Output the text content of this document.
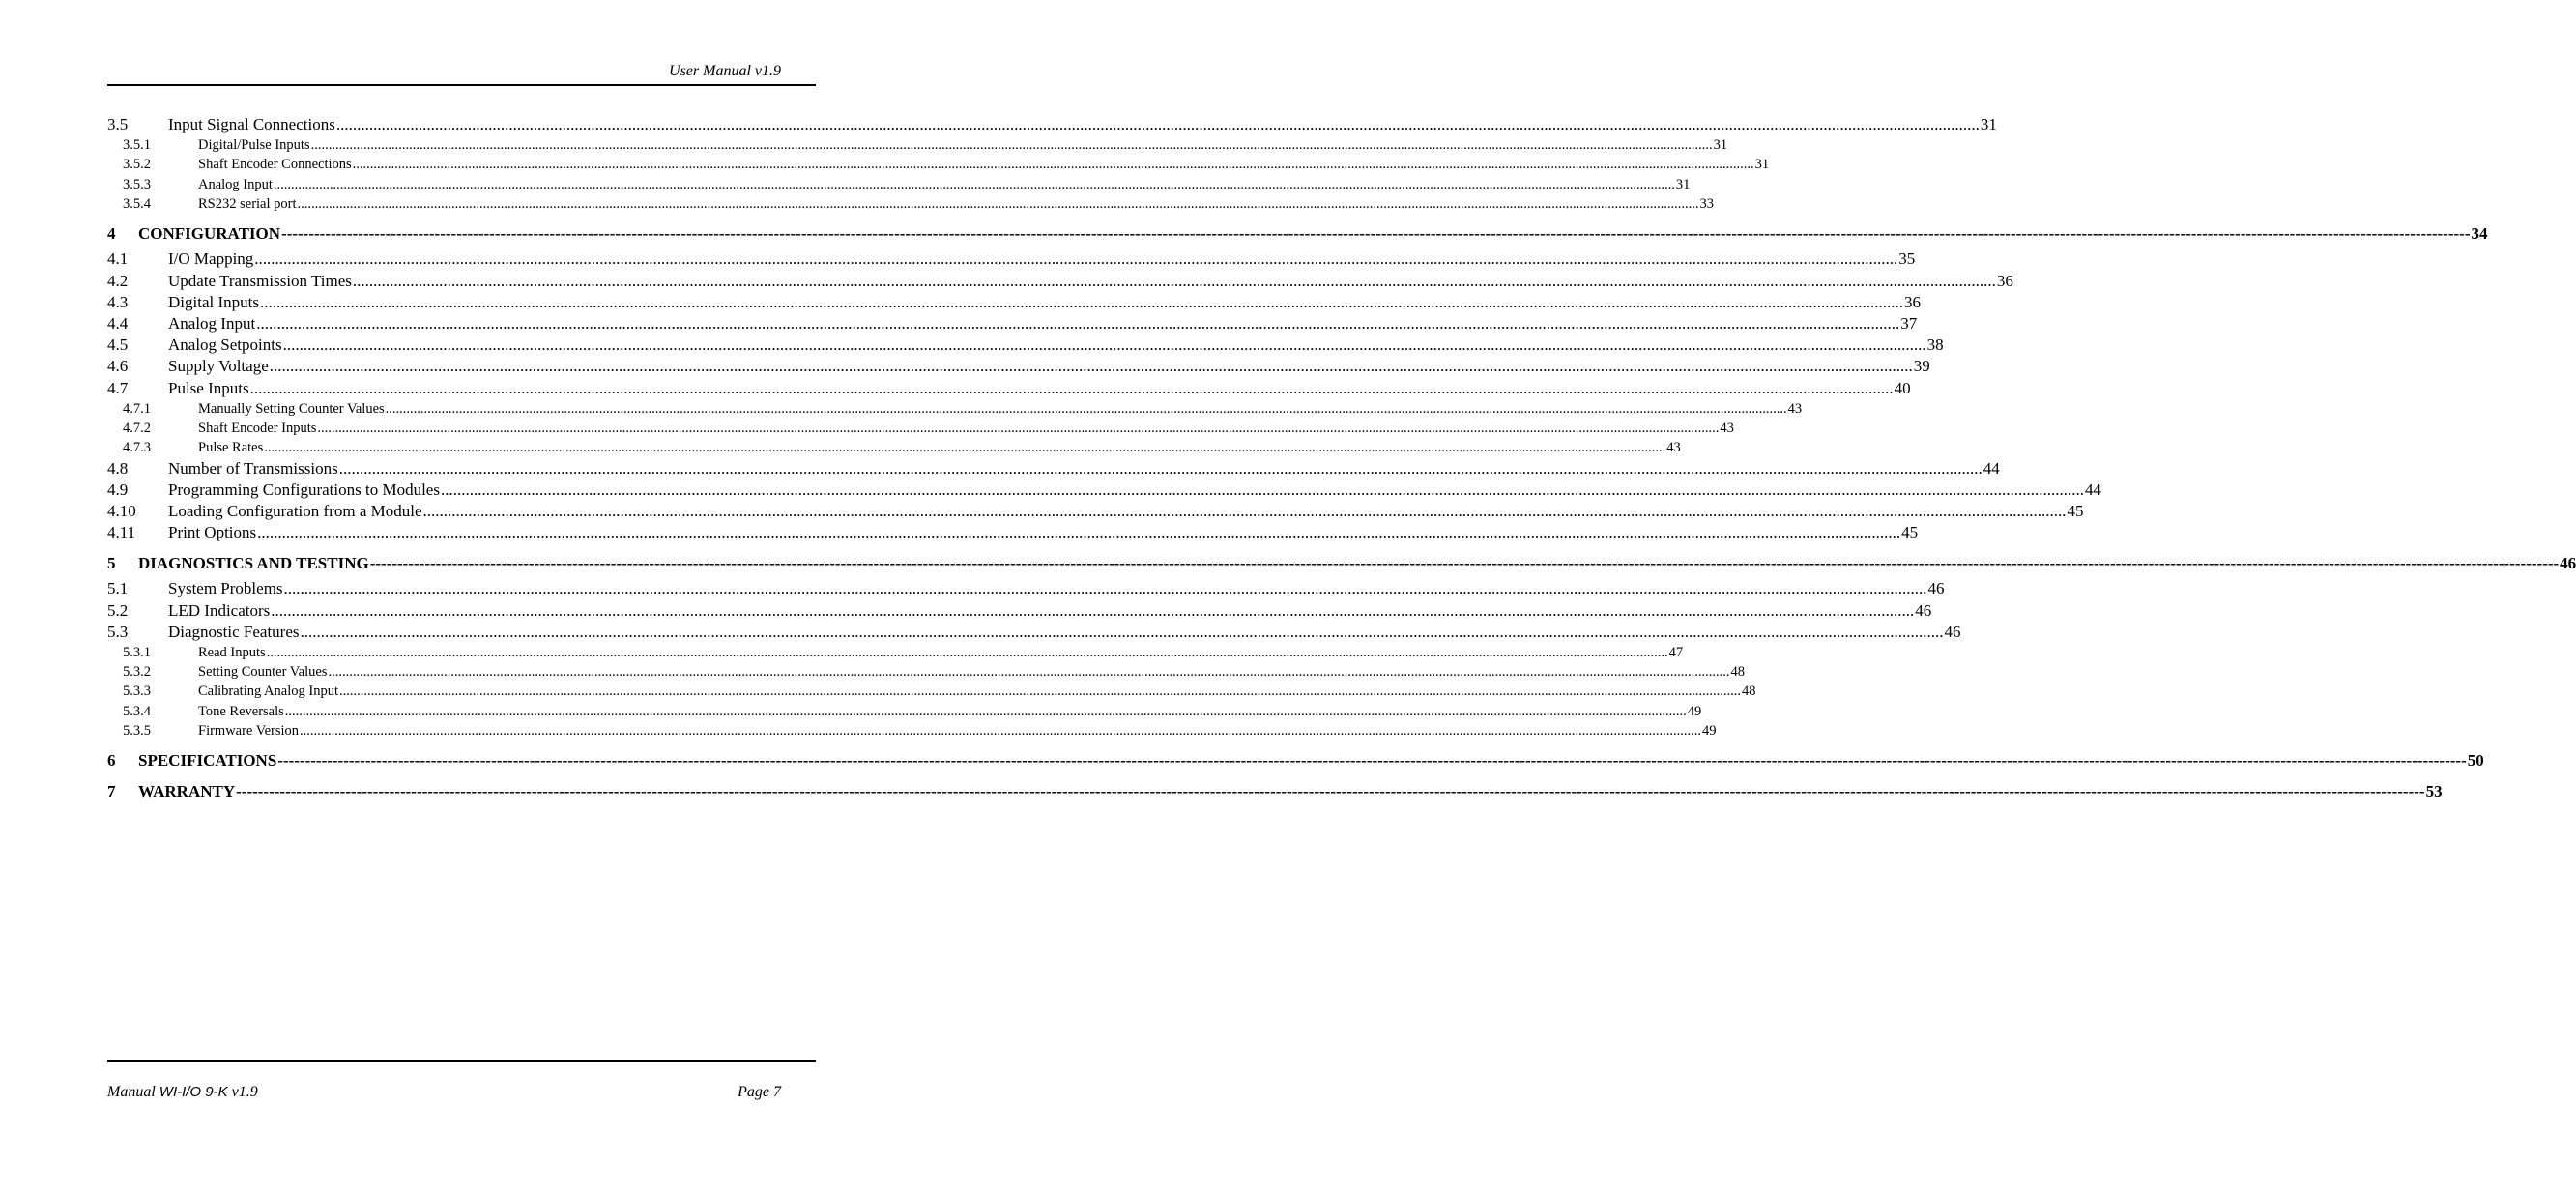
User Manual v1.9
3.5	Input Signal Connections ................................................................................................................................................................................................................................................................................................................................................................................................................ 31
3.5.1	Digital/Pulse Inputs ................................................................................................................................................................................................................................................................................................................................................................................................................ 31
3.5.2	Shaft Encoder Connections ................................................................................................................................................................................................................................................................................................................................................................................................................ 31
3.5.3	Analog Input ................................................................................................................................................................................................................................................................................................................................................................................................................ 31
3.5.4	RS232 serial port ................................................................................................................................................................................................................................................................................................................................................................................................................ 33
4	CONFIGURATION ---------------------------------------------------------------------------------------------------------------------------------------------------------------------------------------------------------------------------------------------------------------------------------------------------------------------------------------------------------------------------------------------------------------- 34
4.1	I/O Mapping ................................................................................................................................................................................................................................................................................................................................................................................................................ 35
4.2	Update Transmission Times ................................................................................................................................................................................................................................................................................................................................................................................................................ 36
4.3	Digital Inputs ................................................................................................................................................................................................................................................................................................................................................................................................................ 36
4.4	Analog Input ................................................................................................................................................................................................................................................................................................................................................................................................................ 37
4.5	Analog Setpoints ................................................................................................................................................................................................................................................................................................................................................................................................................ 38
4.6	Supply Voltage ................................................................................................................................................................................................................................................................................................................................................................................................................ 39
4.7	Pulse Inputs ................................................................................................................................................................................................................................................................................................................................................................................................................ 40
4.7.1	Manually Setting Counter Values ................................................................................................................................................................................................................................................................................................................................................................................................................ 43
4.7.2	Shaft Encoder Inputs ................................................................................................................................................................................................................................................................................................................................................................................................................ 43
4.7.3	Pulse Rates ................................................................................................................................................................................................................................................................................................................................................................................................................ 43
4.8	Number of Transmissions ................................................................................................................................................................................................................................................................................................................................................................................................................ 44
4.9	Programming Configurations to Modules ................................................................................................................................................................................................................................................................................................................................................................................................................ 44
4.10	Loading Configuration from a Module ................................................................................................................................................................................................................................................................................................................................................................................................................ 45
4.11	Print Options ................................................................................................................................................................................................................................................................................................................................................................................................................ 45
5	DIAGNOSTICS AND TESTING ---------------------------------------------------------------------------------------------------------------------------------------------------------------------------------------------------------------------------------------------------------------------------------------------------------------------------------------------------------------------------------------------------------------- 46
5.1	System Problems ................................................................................................................................................................................................................................................................................................................................................................................................................ 46
5.2	LED Indicators ................................................................................................................................................................................................................................................................................................................................................................................................................ 46
5.3	Diagnostic Features ................................................................................................................................................................................................................................................................................................................................................................................................................ 46
5.3.1	Read Inputs ................................................................................................................................................................................................................................................................................................................................................................................................................ 47
5.3.2	Setting Counter Values ................................................................................................................................................................................................................................................................................................................................................................................................................ 48
5.3.3	Calibrating Analog Input ................................................................................................................................................................................................................................................................................................................................................................................................................ 48
5.3.4	Tone Reversals ................................................................................................................................................................................................................................................................................................................................................................................................................ 49
5.3.5	Firmware Version ................................................................................................................................................................................................................................................................................................................................................................................................................ 49
6	SPECIFICATIONS ---------------------------------------------------------------------------------------------------------------------------------------------------------------------------------------------------------------------------------------------------------------------------------------------------------------------------------------------------------------------------------------------------------------- 50
7	WARRANTY ---------------------------------------------------------------------------------------------------------------------------------------------------------------------------------------------------------------------------------------------------------------------------------------------------------------------------------------------------------------------------------------------------------------- 53
Manual WI-I/O 9-K v1.9	Page 7
